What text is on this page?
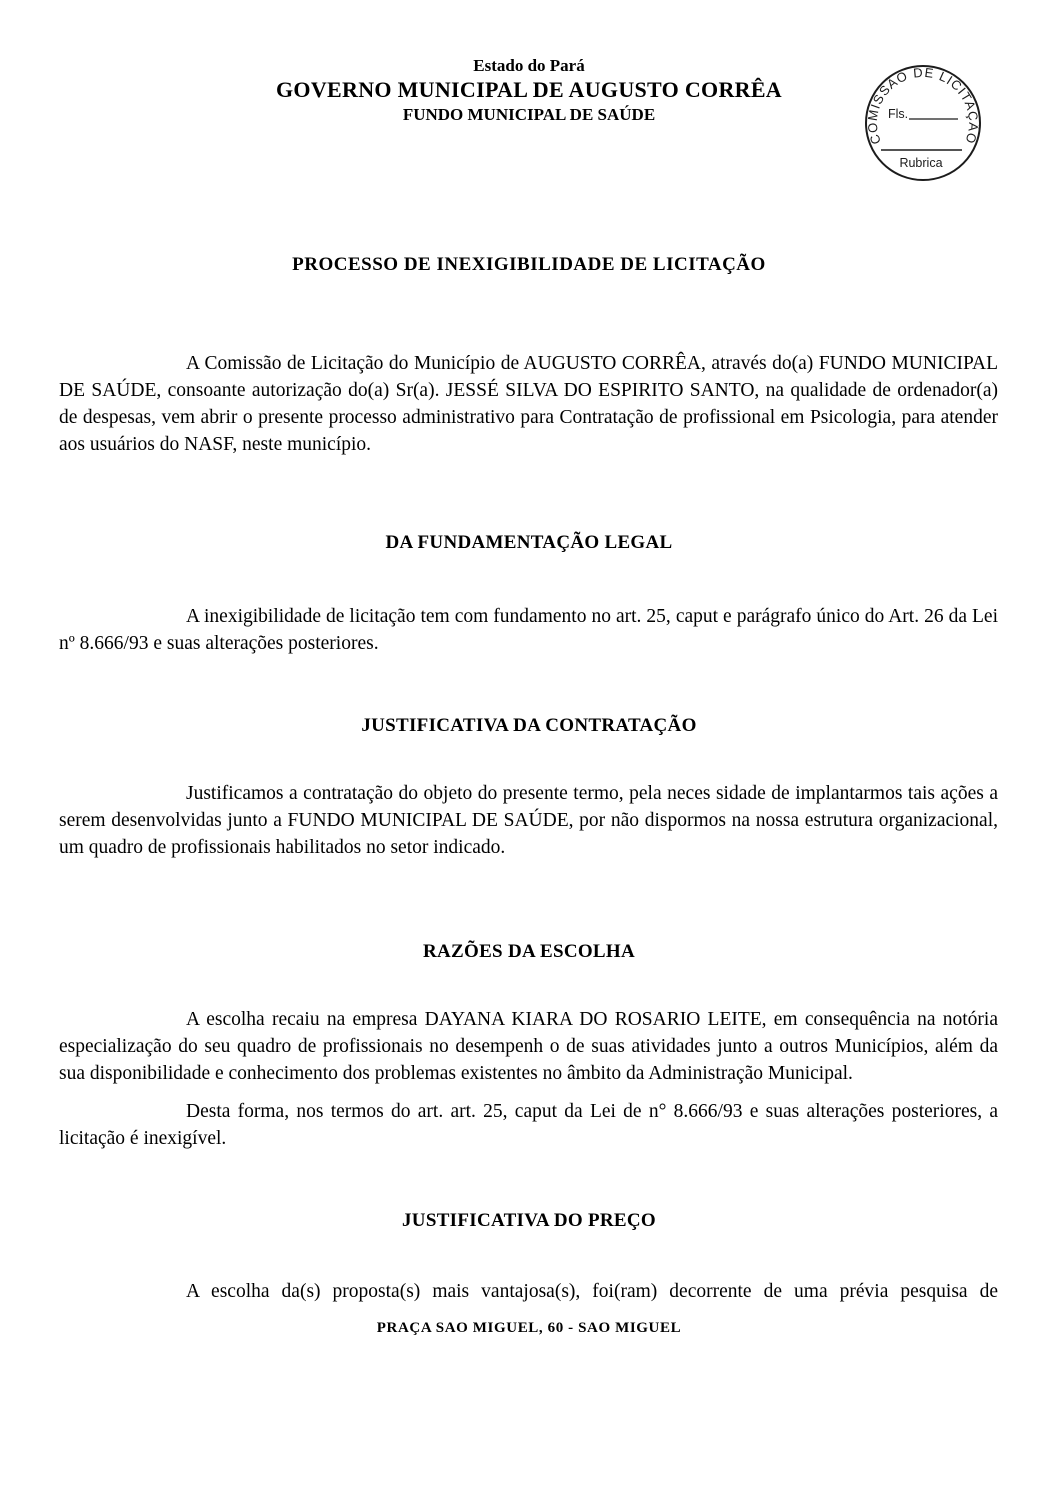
Estado do Pará
GOVERNO MUNICIPAL DE AUGUSTO CORRÊA
FUNDO MUNICIPAL DE SAÚDE
COMISSÃO DE LICITAÇÃO
Fls.
Rubrica
PROCESSO DE INEXIGIBILIDADE DE LICITAÇÃO

A Comissão de Licitação do Município de AUGUSTO CORRÊA, através do(a) FUNDO MUNICIPAL DE SAÚDE, consoante autorização do(a) Sr(a). JESSÉ SILVA DO ESPIRITO SANTO, na qualidade de ordenador(a) de despesas, vem abrir o presente processo administrativo para Contratação de profissional em Psicologia, para atender aos usuários do NASF, neste município.

DA FUNDAMENTAÇÃO LEGAL

A inexigibilidade de licitação tem com fundamento no art. 25, caput e parágrafo único do Art. 26 da Lei nº 8.666/93 e suas alterações posteriores.

JUSTIFICATIVA DA CONTRATAÇÃO

Justificamos a contratação do objeto do presente termo, pela neces sidade de implantarmos tais ações a serem desenvolvidas junto a FUNDO MUNICIPAL DE SAÚDE, por não dispormos na nossa estrutura organizacional, um quadro de profissionais habilitados no setor indicado.

RAZÕES DA ESCOLHA

A escolha recaiu na empresa DAYANA KIARA DO ROSARIO LEITE, em consequência na notória especialização do seu quadro de profissionais no desempenh o de suas atividades junto a outros Municípios, além da sua disponibilidade e conhecimento dos problemas existentes no âmbito da Administração Municipal.

Desta forma, nos termos do art. art. 25, caput da Lei de n° 8.666/93 e suas alterações posteriores, a licitação é inexigível.

JUSTIFICATIVA DO PREÇO

A escolha da(s) proposta(s) mais vantajosa(s), foi(ram) decorrente de uma prévia pesquisa de

PRAÇA SAO MIGUEL, 60 - SAO MIGUEL
